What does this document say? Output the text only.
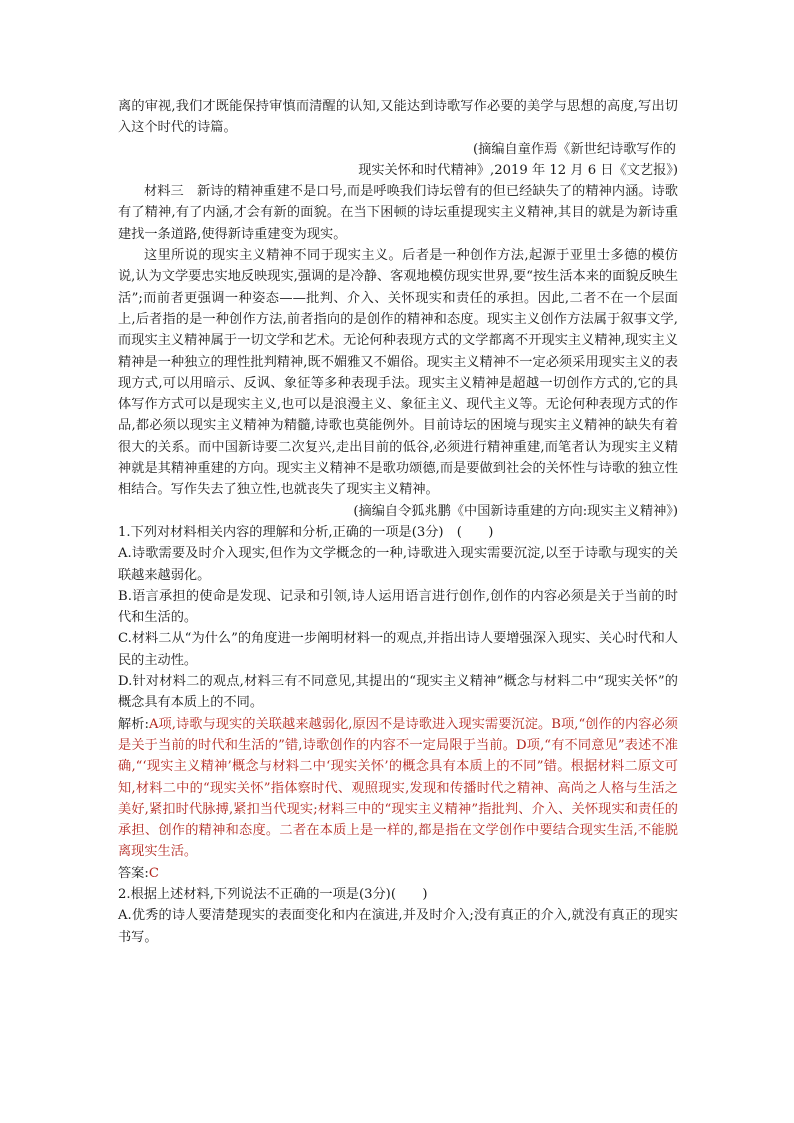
离的审视,我们才既能保持审慎而清醒的认知,又能达到诗歌写作必要的美学与思想的高度,写出切入这个时代的诗篇。

(摘编自童作焉《新世纪诗歌写作的
现实关怀和时代精神》,2019 年 12 月 6 日《文艺报》)

材料三　新诗的精神重建不是口号,而是呼唤我们诗坛曾有的但已经缺失了的精神内涵。诗歌有了精神,有了内涵,才会有新的面貌。在当下困顿的诗坛重提现实主义精神,其目的就是为新诗重建找一条道路,使得新诗重建变为现实。

这里所说的现实主义精神不同于现实主义。后者是一种创作方法,起源于亚里士多德的模仿说,认为文学要忠实地反映现实,强调的是冷静、客观地模仿现实世界,要“按生活本来的面貌反映生活”;而前者更强调一种姿态——批判、介入、关怀现实和责任的承担。因此,二者不在一个层面上,后者指的是一种创作方法,前者指向的是创作的精神和态度。现实主义创作方法属于叙事文学,而现实主义精神属于一切文学和艺术。无论何种表现方式的文学都离不开现实主义精神,现实主义精神是一种独立的理性批判精神,既不媚雅又不媚俗。现实主义精神不一定必须采用现实主义的表现方式,可以用暗示、反讽、象征等多种表现手法。现实主义精神是超越一切创作方式的,它的具体写作方式可以是现实主义,也可以是浪漫主义、象征主义、现代主义等。无论何种表现方式的作品,都必须以现实主义精神为精髓,诗歌也莫能例外。目前诗坛的困境与现实主义精神的缺失有着很大的关系。而中国新诗要二次复兴,走出目前的低谷,必须进行精神重建,而笔者认为现实主义精神就是其精神重建的方向。现实主义精神不是歌功颂德,而是要做到社会的关怀性与诗歌的独立性相结合。写作失去了独立性,也就丧失了现实主义精神。

(摘编自令狐兆鹏《中国新诗重建的方向:现实主义精神》)

1.下列对材料相关内容的理解和分析,正确的一项是(3分)　(　　)

A.诗歌需要及时介入现实,但作为文学概念的一种,诗歌进入现实需要沉淀,以至于诗歌与现实的关联越来越弱化。

B.语言承担的使命是发现、记录和引领,诗人运用语言进行创作,创作的内容必须是关于当前的时代和生活的。

C.材料二从“为什么”的角度进一步阐明材料一的观点,并指出诗人要增强深入现实、关心时代和人民的主动性。

D.针对材料二的观点,材料三有不同意见,其提出的“现实主义精神”概念与材料二中“现实关怀”的概念具有本质上的不同。

解析:A项,诗歌与现实的关联越来越弱化,原因不是诗歌进入现实需要沉淀。B项,“创作的内容必须是关于当前的时代和生活的”错,诗歌创作的内容不一定局限于当前。D项,“有不同意见”表述不准确,“‘现实主义精神’概念与材料二中‘现实关怀’的概念具有本质上的不同”错。根据材料二原文可知,材料二中的“现实关怀”指体察时代、观照现实,发现和传播时代之精神、高尚之人格与生活之美好,紧扣时代脉搏,紧扣当代现实;材料三中的“现实主义精神”指批判、介入、关怀现实和责任的承担、创作的精神和态度。二者在本质上是一样的,都是指在文学创作中要结合现实生活,不能脱离现实生活。

答案:C

2.根据上述材料,下列说法不正确的一项是(3分)(　　)

A.优秀的诗人要清楚现实的表面变化和内在演进,并及时介入;没有真正的介入,就没有真正的现实书写。
